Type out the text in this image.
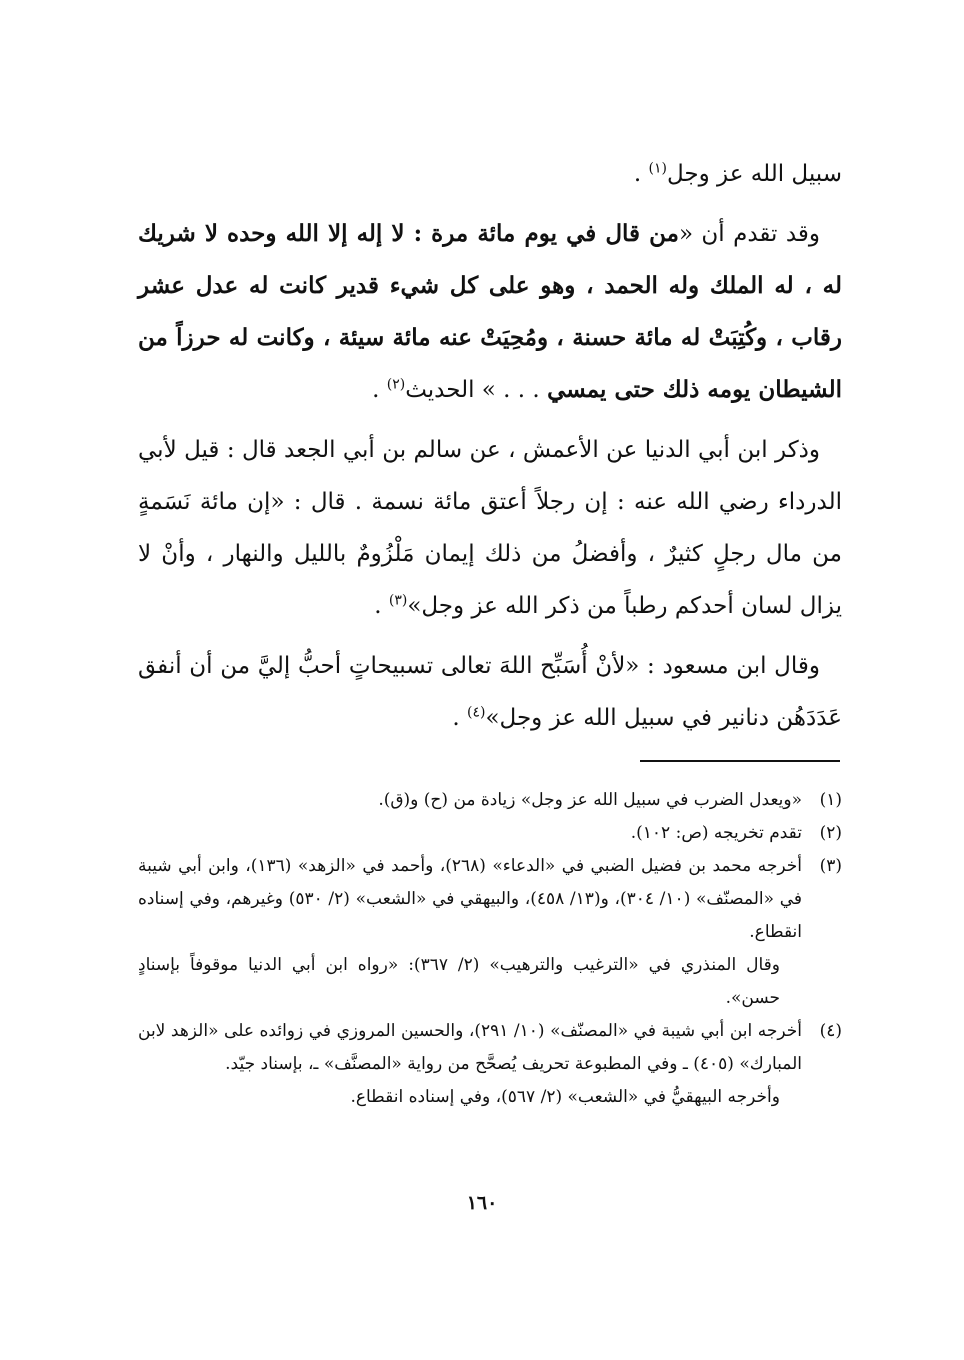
سبيل الله عز وجل$^{(١)}$ .

وقد تقدم أن «من قال في يوم مائة مرة : لا إله إلا الله وحده لا شريك له ، له الملك وله الحمد ، وهو على كل شيء قدير كانت له عدل عشر رقاب ، وكُتِبَتْ له مائة حسنة ، ومُحِيَتْ عنه مائة سيئة ، وكانت له حرزاً من الشيطان يومه ذلك حتى يمسي . . . » الحديث$^{(٢)}$ .

وذكر ابن أبي الدنيا عن الأعمش ، عن سالم بن أبي الجعد قال : قيل لأبي الدرداء رضي الله عنه : إن رجلاً أعتق مائة نسمة . قال : «إن مائة نَسَمةٍ من مال رجلٍ كثيرٌ ، وأفضلُ من ذلك إيمان مَلْزُومٌ بالليل والنهار ، وأنْ لا يزال لسان أحدكم رطباً من ذكر الله عز وجل»$^{(٣)}$ .

وقال ابن مسعود : «لأنْ أُسَبِّح اللهَ تعالى تسبيحاتٍ أحبُّ إليَّ من أن أنفق عَدَدَهُن دنانير في سبيل الله عز وجل»$^{(٤)}$ .

(١)
«ويعدل الضرب في سبيل الله عز وجل» زيادة من (ح) و(ق).
(٢)
تقدم تخريجه (ص: ١٠٢).
(٣)
أخرجه محمد بن فضيل الضبي في «الدعاء» (٢٦٨)، وأحمد في «الزهد» (١٣٦)، وابن أبي شيبة في «المصنّف» (١٠/ ٣٠٤)، و(١٣/ ٤٥٨)، والبيهقي في «الشعب» (٢/ ٥٣٠) وغيرهم، وفي إسناده انقطاع.
وقال المنذري في «الترغيب والترهيب» (٢/ ٣٦٧): «رواه ابن أبي الدنيا موقوفاً بإسنادٍ حسن».
(٤)
أخرجه ابن أبي شيبة في «المصنّف» (١٠/ ٢٩١)، والحسين المروزي في زوائده على «الزهد لابن المبارك» (٤٠٥) ـ وفي المطبوعة تحريف يُصحَّح من رواية «المصنَّف» ـ، بإسناد جيّد.
وأخرجه البيهقيُّ في «الشعب» (٢/ ٥٦٧)، وفي إسناده انقطاع.
١٦٠
